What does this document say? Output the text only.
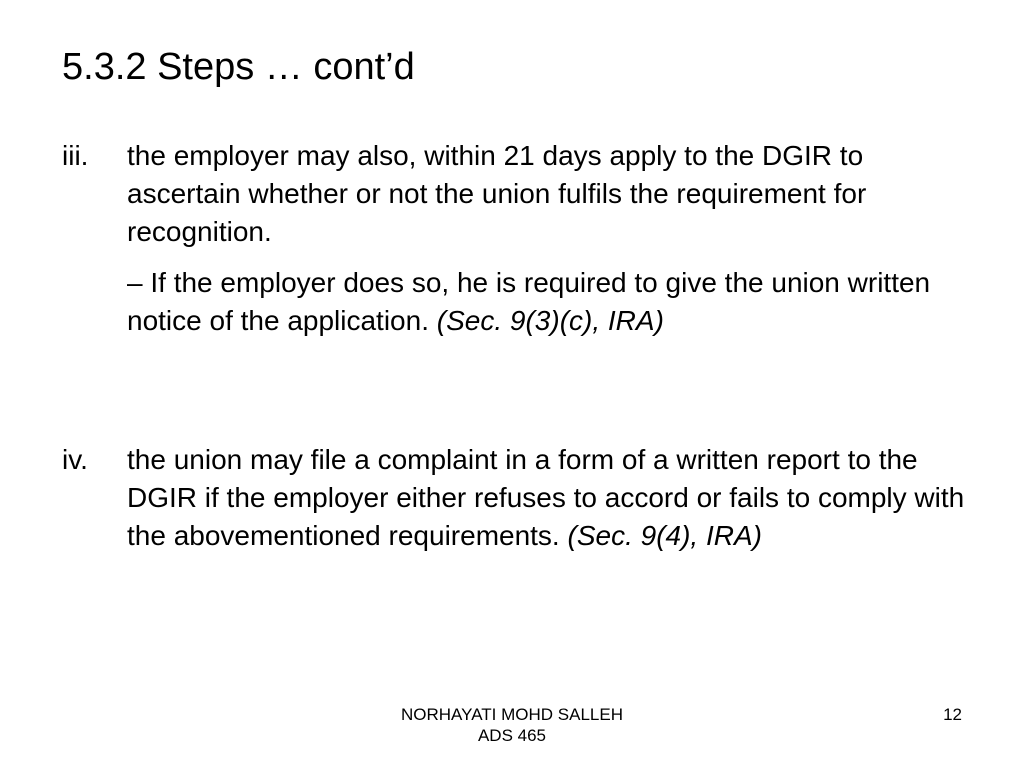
5.3.2 Steps … cont’d
iii.	the employer may also, within 21 days apply to the DGIR to ascertain whether or not the union fulfils the requirement for recognition.
– If the employer does so, he is required to give the union written notice of the application. (Sec. 9(3)(c), IRA)
iv.	the union may file a complaint in a form of a written report to the DGIR if the employer either refuses to accord or fails to comply with the abovementioned requirements. (Sec. 9(4), IRA)
NORHAYATI MOHD SALLEH
ADS 465
12
